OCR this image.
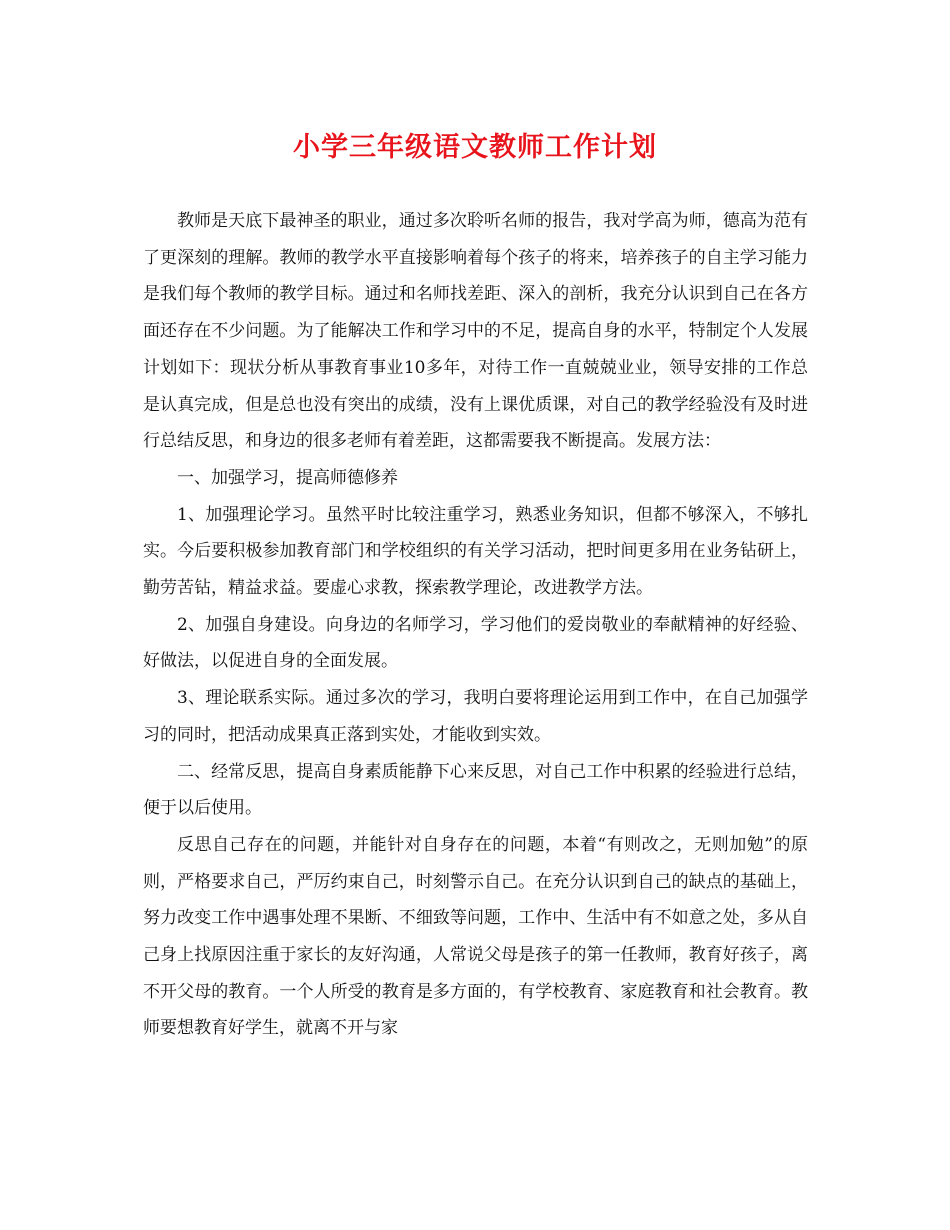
小学三年级语文教师工作计划

教师是天底下最神圣的职业，通过多次聆听名师的报告，我对学高为师，德高为范有了更深刻的理解。教师的教学水平直接影响着每个孩子的将来，培养孩子的自主学习能力是我们每个教师的教学目标。通过和名师找差距、深入的剖析，我充分认识到自己在各方面还存在不少问题。为了能解决工作和学习中的不足，提高自身的水平，特制定个人发展计划如下：现状分析从事教育事业10多年，对待工作一直兢兢业业，领导安排的工作总是认真完成，但是总也没有突出的成绩，没有上课优质课，对自己的教学经验没有及时进行总结反思，和身边的很多老师有着差距，这都需要我不断提高。发展方法：

一、加强学习，提高师德修养

1、加强理论学习。虽然平时比较注重学习，熟悉业务知识，但都不够深入，不够扎实。今后要积极参加教育部门和学校组织的有关学习活动，把时间更多用在业务钻研上，勤劳苦钻，精益求益。要虚心求教，探索教学理论，改进教学方法。

2、加强自身建设。向身边的名师学习，学习他们的爱岗敬业的奉献精神的好经验、好做法，以促进自身的全面发展。

3、理论联系实际。通过多次的学习，我明白要将理论运用到工作中，在自己加强学习的同时，把活动成果真正落到实处，才能收到实效。

二、经常反思，提高自身素质能静下心来反思，对自己工作中积累的经验进行总结，便于以后使用。

反思自己存在的问题，并能针对自身存在的问题，本着“有则改之，无则加勉”的原则，严格要求自己，严厉约束自己，时刻警示自己。在充分认识到自己的缺点的基础上，努力改变工作中遇事处理不果断、不细致等问题，工作中、生活中有不如意之处，多从自己身上找原因注重于家长的友好沟通，人常说父母是孩子的第一任教师，教育好孩子，离不开父母的教育。一个人所受的教育是多方面的，有学校教育、家庭教育和社会教育。教师要想教育好学生，就离不开与家
